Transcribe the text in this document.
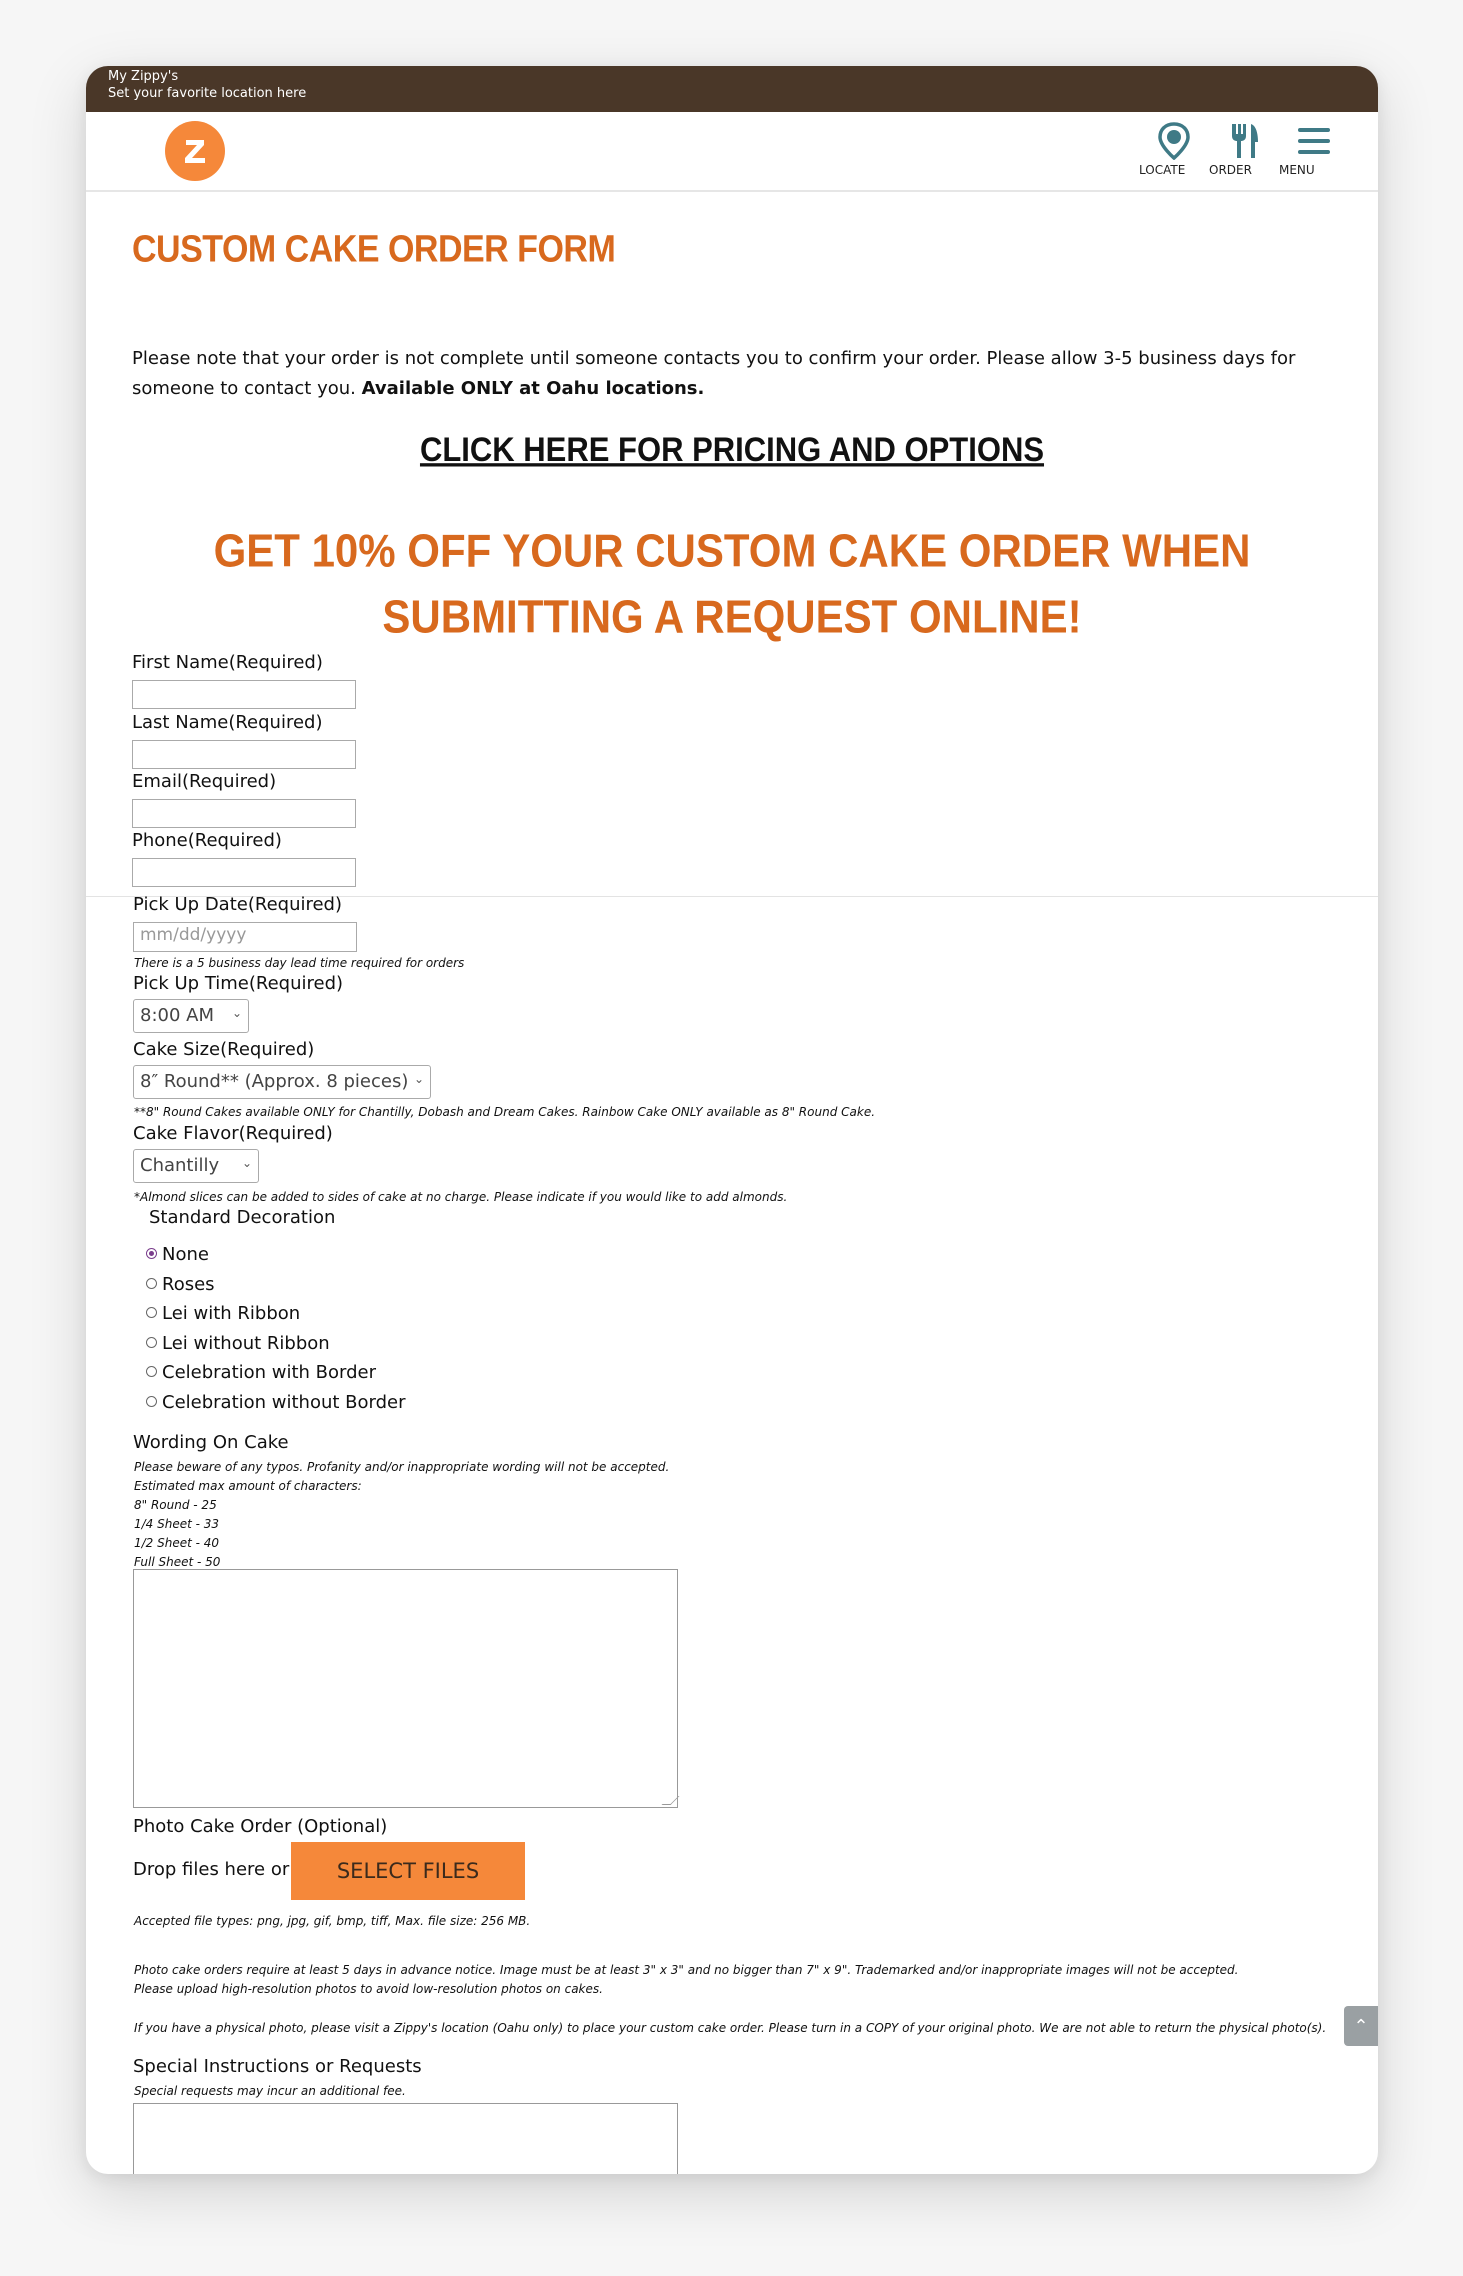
My Zippy's
Set your favorite location here
LOCATE ORDER MENU
CUSTOM CAKE ORDER FORM
Please note that your order is not complete until someone contacts you to confirm your order. Please allow 3-5 business days for someone to contact you. Available ONLY at Oahu locations.
CLICK HERE FOR PRICING AND OPTIONS
GET 10% OFF YOUR CUSTOM CAKE ORDER WHEN SUBMITTING A REQUEST ONLINE!
First Name(Required)
Last Name(Required)
Email(Required)
Phone(Required)
Pick Up Date(Required)
mm/dd/yyyy
There is a 5 business day lead time required for orders
Pick Up Time(Required)
8:00 AM ⌄
Cake Size(Required)
8″ Round** (Approx. 8 pieces) ⌄
**8" Round Cakes available ONLY for Chantilly, Dobash and Dream Cakes. Rainbow Cake ONLY available as 8" Round Cake.
Cake Flavor(Required)
Chantilly ⌄
*Almond slices can be added to sides of cake at no charge. Please indicate if you would like to add almonds.
Standard Decoration
None
Roses
Lei with Ribbon
Lei without Ribbon
Celebration with Border
Celebration without Border
Wording On Cake
Please beware of any typos. Profanity and/or inappropriate wording will not be accepted.
Estimated max amount of characters:
8" Round - 25
1/4 Sheet - 33
1/2 Sheet - 40
Full Sheet - 50
Photo Cake Order (Optional)
Drop files here or	SELECT FILES
Accepted file types: png, jpg, gif, bmp, tiff, Max. file size: 256 MB.
Photo cake orders require at least 5 days in advance notice. Image must be at least 3" x 3" and no bigger than 7" x 9". Trademarked and/or inappropriate images will not be accepted.
Please upload high-resolution photos to avoid low-resolution photos on cakes.
If you have a physical photo, please visit a Zippy's location (Oahu only) to place your custom cake order. Please turn in a COPY of your original photo. We are not able to return the physical photo(s).
Special Instructions or Requests
Special requests may incur an additional fee.
⌃
